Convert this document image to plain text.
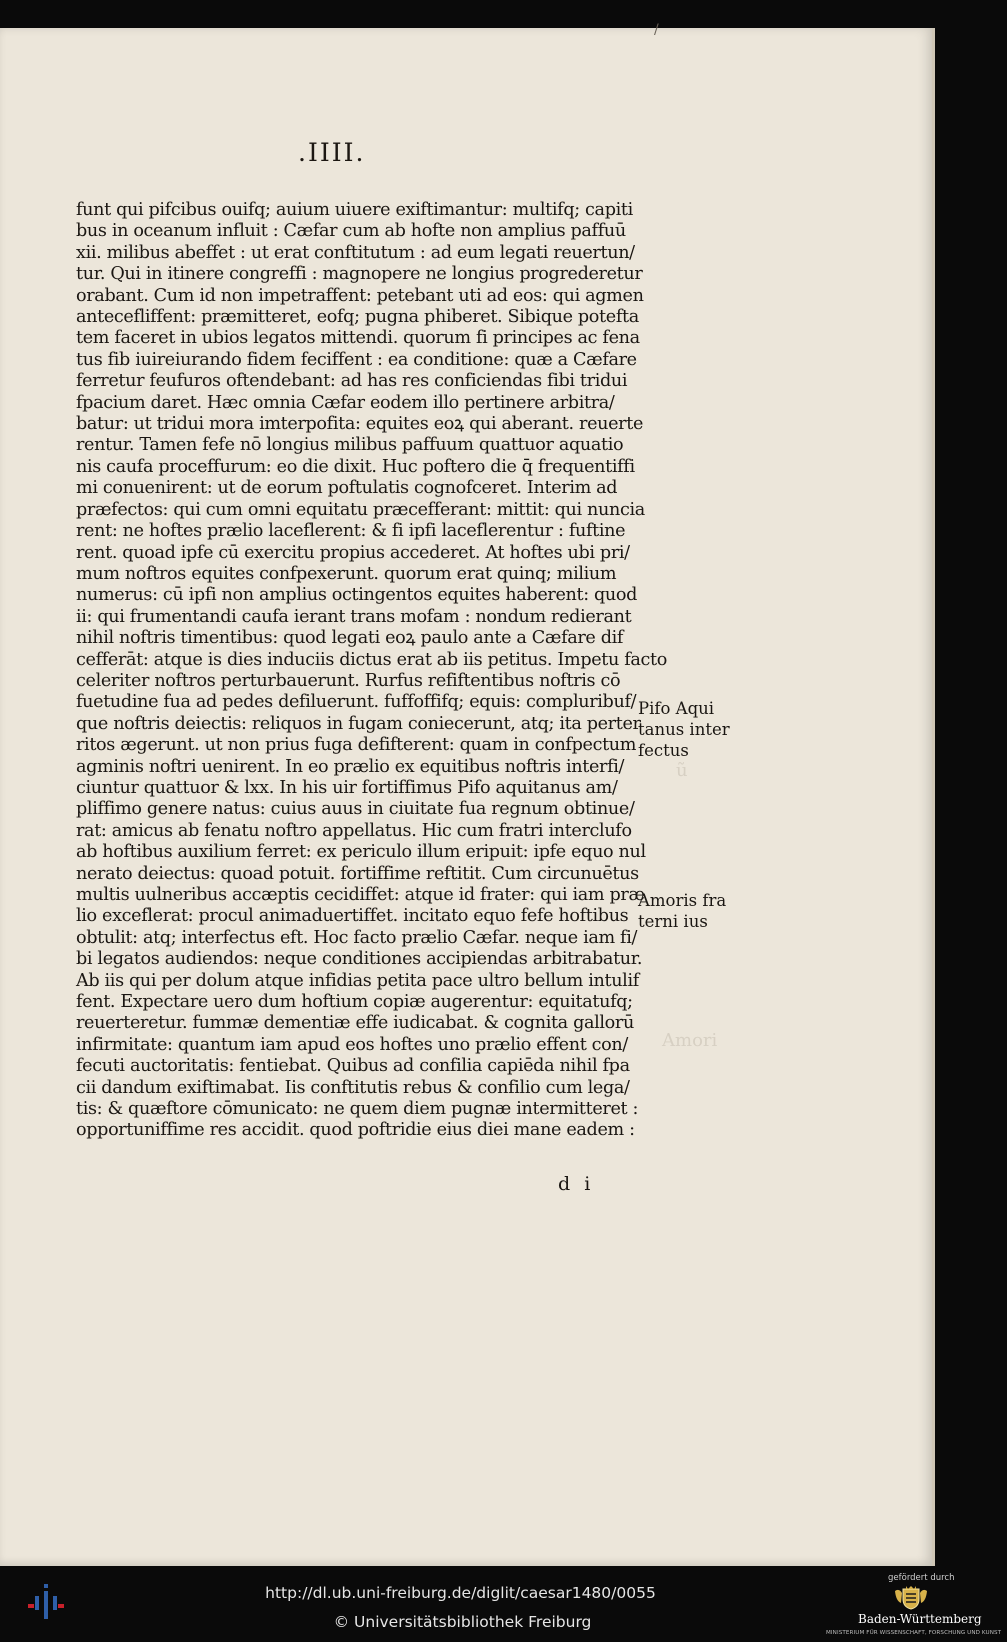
/
.IIII.
funt qui pifcibus ouifq; auium uiuere exiftimantur: multifq; capiti
bus in oceanum influit : Cæfar cum ab hofte non amplius paffuū
xii. milibus abeffet : ut erat conftitutum : ad eum legati reuertun/
tur. Qui in itinere congreffi : magnopere ne longius progrederetur
orabant. Cum id non impetraffent: petebant uti ad eos: qui agmen
antecefliffent: præmitteret, eofq; pugna phiberet. Sibique potefta
tem faceret in ubios legatos mittendi. quorum fi principes ac fena
tus fib iuireiurando fidem feciffent : ea conditione: quæ a Cæfare
ferretur feufuros oftendebant: ad has res conficiendas fibi tridui
fpacium daret. Hæc omnia Cæfar eodem illo pertinere arbitra/
batur: ut tridui mora imterpofita: equites eoꝝ qui aberant. reuerte
rentur. Tamen fefe nō longius milibus paffuum quattuor aquatio
nis caufa proceffurum: eo die dixit. Huc poftero die q̄ frequentiffi
mi conuenirent: ut de eorum poftulatis cognofceret. Interim ad
præfectos: qui cum omni equitatu præcefferant: mittit: qui nuncia
rent: ne hoftes prælio laceflerent: & fi ipfi laceflerentur : fuftine
rent. quoad ipfe cū exercitu propius accederet. At hoftes ubi pri/
mum noftros equites confpexerunt. quorum erat quinq; milium
numerus: cū ipfi non amplius octingentos equites haberent: quod
ii: qui frumentandi caufa ierant trans mofam : nondum redierant
nihil noftris timentibus: quod legati eoꝝ paulo ante a Cæfare dif
cefferāt: atque is dies induciis dictus erat ab iis petitus. Impetu facto
celeriter noftros perturbauerunt. Rurfus refiftentibus noftris cō
fuetudine fua ad pedes defiluerunt. fuffoffifq; equis: compluribuf/
que noftris deiectis: reliquos in fugam coniecerunt, atq; ita perter
ritos ægerunt. ut non prius fuga defifterent: quam in confpectum
agminis noftri uenirent. In eo prælio ex equitibus noftris interfi/
ciuntur quattuor & lxx. In his uir fortiffimus Pifo aquitanus am/
pliffimo genere natus: cuius auus in ciuitate fua regnum obtinue/
rat: amicus ab fenatu noftro appellatus. Hic cum fratri interclufo
ab hoftibus auxilium ferret: ex periculo illum eripuit: ipfe equo nul
nerato deiectus: quoad potuit. fortiffime reftitit. Cum circunuētus
multis uulneribus accæptis cecidiffet: atque id frater: qui iam præ
lio exceflerat: procul animaduertiffet. incitato equo fefe hoftibus
obtulit: atq; interfectus eft. Hoc facto prælio Cæfar. neque iam fi/
bi legatos audiendos: neque conditiones accipiendas arbitrabatur.
Ab iis qui per dolum atque infidias petita pace ultro bellum intulif
fent. Expectare uero dum hoftium copiæ augerentur: equitatufq;
reuerteretur. fummæ dementiæ effe iudicabat. & cognita gallorū
infirmitate: quantum iam apud eos hoftes uno prælio effent con/
fecuti auctoritatis: fentiebat. Quibus ad confilia capiēda nihil fpa
cii dandum exiftimabat. Iis conftitutis rebus & confilio cum lega/
tis: & quæftore cōmunicato: ne quem diem pugnæ intermitteret :
opportuniffime res accidit. quod poftridie eius diei mane eadem :
Pifo Aqui
tanus inter
fectus
Amoris fra
terni ius
ũ
Amori
d i
http://dl.ub.uni-freiburg.de/diglit/caesar1480/0055
© Universitätsbibliothek Freiburg
gefördert durch
Baden-Württemberg
MINISTERIUM FÜR WISSENSCHAFT, FORSCHUNG UND KUNST
